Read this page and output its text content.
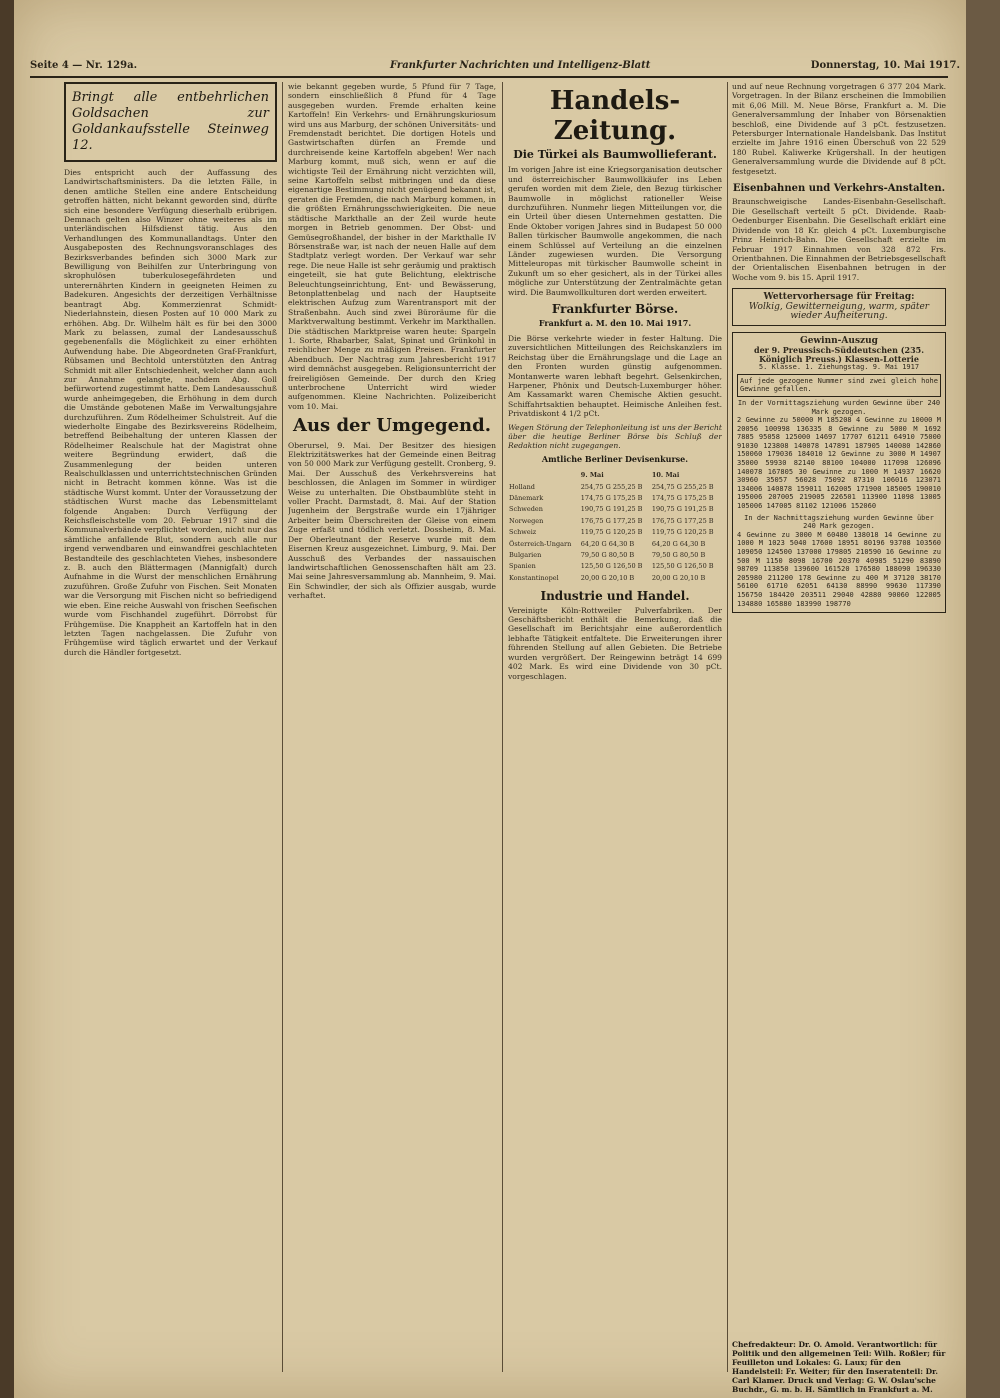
Seite 4 — Nr. 129a.	Frankfurter Nachrichten und Intelligenz-Blatt	Donnerstag, 10. Mai 1917.
Bringt alle entbehrlichen Goldsachen zur Goldankaufsstelle Steinweg 12.
Dies entspricht auch der Auffassung des Landwirtschaftsministers. Da die letzten Fälle, in denen amtliche Stellen eine andere Entscheidung getroffen hätten, nicht bekannt geworden sind, dürfte sich eine besondere Verfügung dieserhalb erübrigen. Demnach gelten also Winzer ohne weiteres als im unterländischen Hilfsdienst tätig. Aus den Verhandlungen des Kommunallandtags. Unter den Ausgabeposten des Rechnungsvoranschlages des Bezirksverbandes befinden sich 3000 Mark zur Bewilligung von Beihilfen zur Unterbringung von skrophulösen tuberkulosegefährdeten und unterernährten Kindern in geeigneten Heimen zu Badekuren. Angesichts der derzeitigen Verhältnisse beantragt Abg. Kommerzienrat Schmidt-Niederlahnstein, diesen Posten auf 10 000 Mark zu erhöhen. Abg. Dr. Wilhelm hält es für bei den 3000 Mark zu belassen, zumal der Landesausschuß gegebenenfalls die Möglichkeit zu einer erhöhten Aufwendung habe. Die Abgeordneten Graf-Frankfurt, Rübsamen und Bechtold unterstützten den Antrag Schmidt mit aller Entschiedenheit, welcher dann auch zur Annahme gelangte, nachdem Abg. Goll befürwortend zugestimmt hatte. Dem Landesausschuß wurde anheimgegeben, die Erhöhung in dem durch die Umstände gebotenen Maße im Verwaltungsjahre durchzuführen. Zum Rödelheimer Schulstreit. Auf die wiederholte Eingabe des Bezirksvereins Rödelheim, betreffend Beibehaltung der unteren Klassen der Rödelheimer Realschule hat der Magistrat ohne weitere Begründung erwidert, daß die Zusammenlegung der beiden unteren Realschulklassen und unterrichtstechnischen Gründen nicht in Betracht kommen könne. Was ist die städtische Wurst kommt. Unter der Voraussetzung der städtischen Wurst mache das Lebensmittelamt folgende Angaben: Durch Verfügung der Reichsfleischstelle vom 20. Februar 1917 sind die Kommunalverbände verpflichtet worden, nicht nur das sämtliche anfallende Blut, sondern auch alle nur irgend verwendbaren und einwandfrei geschlachteten Bestandteile des geschlachteten Viehes, insbesondere z. B. auch den Blättermagen (Mannigfalt) durch Aufnahme in die Wurst der menschlichen Ernährung zuzuführen. Große Zufuhr von Fischen. Seit Monaten war die Versorgung mit Fischen nicht so befriedigend wie eben. Eine reiche Auswahl von frischen Seefischen wurde vom Fischhandel zugeführt. Dörrobst für Frühgemüse. Die Knappheit an Kartoffeln hat in den letzten Tagen nachgelassen. Die Zufuhr von Frühgemüse wird täglich erwartet und der Verkauf durch die Händler fortgesetzt.
wie bekannt gegeben wurde, 5 Pfund für 7 Tage, sondern einschließlich 8 Pfund für 4 Tage ausgegeben wurden. Fremde erhalten keine Kartoffeln! Ein Verkehrs- und Ernährungskuriosum wird uns aus Marburg, der schönen Universitäts- und Fremdenstadt berichtet. Die dortigen Hotels und Gastwirtschaften dürfen an Fremde und durchreisende keine Kartoffeln abgeben! Wer nach Marburg kommt, muß sich, wenn er auf die wichtigste Teil der Ernährung nicht verzichten will, seine Kartoffeln selbst mitbringen und da diese eigenartige Bestimmung nicht genügend bekannt ist, geraten die Fremden, die nach Marburg kommen, in die größten Ernährungsschwierigkeiten. Die neue städtische Markthalle an der Zeil wurde heute morgen in Betrieb genommen. Der Obst- und Gemüsegroßhandel, der bisher in der Markthalle IV Börsenstraße war, ist nach der neuen Halle auf dem Stadtplatz verlegt worden. Der Verkauf war sehr rege. Die neue Halle ist sehr geräumig und praktisch eingeteilt, sie hat gute Belichtung, elektrische Beleuchtungseinrichtung, Ent- und Bewässerung, Betonplattenbelag und nach der Hauptseite elektrischen Aufzug zum Warentransport mit der Straßenbahn. Auch sind zwei Büroräume für die Marktverwaltung bestimmt. Verkehr im Markthallen. Die städtischen Marktpreise waren heute: Spargeln 1. Sorte, Rhabarber, Salat, Spinat und Grünkohl in reichlicher Menge zu mäßigen Preisen. Frankfurter Abendbuch. Der Nachtrag zum Jahresbericht 1917 wird demnächst ausgegeben. Religionsunterricht der freireligiösen Gemeinde. Der durch den Krieg unterbrochene Unterricht wird wieder aufgenommen. Kleine Nachrichten. Polizeibericht vom 10. Mai.
Aus der Umgegend.
Oberursel, 9. Mai. Der Besitzer des hiesigen Elektrizitätswerkes hat der Gemeinde einen Beitrag von 50 000 Mark zur Verfügung gestellt. Cronberg, 9. Mai. Der Ausschuß des Verkehrsvereins hat beschlossen, die Anlagen im Sommer in würdiger Weise zu unterhalten. Die Obstbaumblüte steht in voller Pracht. Darmstadt, 8. Mai. Auf der Station Jugenheim der Bergstraße wurde ein 17jähriger Arbeiter beim Überschreiten der Gleise von einem Zuge erfaßt und tödlich verletzt. Dossheim, 8. Mai. Der Oberleutnant der Reserve wurde mit dem Eisernen Kreuz ausgezeichnet. Limburg, 9. Mai. Der Ausschuß des Verbandes der nassauischen landwirtschaftlichen Genossenschaften hält am 23. Mai seine Jahresversammlung ab. Mannheim, 9. Mai. Ein Schwindler, der sich als Offizier ausgab, wurde verhaftet.
Handels-Zeitung.
Die Türkei als Baumwollieferant.
Im vorigen Jahre ist eine Kriegsorganisation deutscher und österreichischer Baumwollkäufer ins Leben gerufen worden mit dem Ziele, den Bezug türkischer Baumwolle in möglichst rationeller Weise durchzuführen. Nunmehr liegen Mitteilungen vor, die ein Urteil über diesen Unternehmen gestatten. Die Ende Oktober vorigen Jahres sind in Budapest 50 000 Ballen türkischer Baumwolle angekommen, die nach einem Schlüssel auf Verteilung an die einzelnen Länder zugewiesen wurden. Die Versorgung Mitteleuropas mit türkischer Baumwolle scheint in Zukunft um so eher gesichert, als in der Türkei alles mögliche zur Unterstützung der Zentralmächte getan wird. Die Baumwollkulturen dort werden erweitert.
Frankfurter Börse.
Frankfurt a. M. den 10. Mai 1917.
Die Börse verkehrte wieder in fester Haltung. Die zuversichtlichen Mitteilungen des Reichskanzlers im Reichstag über die Ernährungslage und die Lage an den Fronten wurden günstig aufgenommen. Montanwerte waren lebhaft begehrt. Gelsenkirchen, Harpener, Phönix und Deutsch-Luxemburger höher. Am Kassamarkt waren Chemische Aktien gesucht. Schiffahrtsaktien behauptet. Heimische Anleihen fest. Privatdiskont 4 1/2 pCt.
Wegen Störung der Telephonleitung ist uns der Bericht über die heutige Berliner Börse bis Schluß der Redaktion nicht zugegangen.
Amtliche Berliner Devisenkurse.
	9. Mai	10. Mai
Holland	254,75 G 255,25 B	254,75 G 255,25 B
Dänemark	174,75 G 175,25 B	174,75 G 175,25 B
Schweden	190,75 G 191,25 B	190,75 G 191,25 B
Norwegen	176,75 G 177,25 B	176,75 G 177,25 B
Schweiz	119,75 G 120,25 B	119,75 G 120,25 B
Österreich-Ungarn	64,20 G 64,30 B	64,20 G 64,30 B
Bulgarien	79,50 G 80,50 B	79,50 G 80,50 B
Spanien	125,50 G 126,50 B	125,50 G 126,50 B
Konstantinopel	20,00 G 20,10 B	20,00 G 20,10 B
Industrie und Handel.
Vereinigte Köln-Rottweiler Pulverfabriken. Der Geschäftsbericht enthält die Bemerkung, daß die Gesellschaft im Berichtsjahr eine außerordentlich lebhafte Tätigkeit entfaltete. Die Erweiterungen ihrer führenden Stellung auf allen Gebieten. Die Betriebe wurden vergrößert. Der Reingewinn beträgt 14 699 402 Mark. Es wird eine Dividende von 30 pCt. vorgeschlagen.
und auf neue Rechnung vorgetragen 6 377 204 Mark. Vorgetragen. In der Bilanz erscheinen die Immobilien mit 6,06 Mill. M. Neue Börse, Frankfurt a. M. Die Generalversammlung der Inhaber von Börsenaktien beschloß, eine Dividende auf 3 pCt. festzusetzen. Petersburger Internationale Handelsbank. Das Institut erzielte im Jahre 1916 einen Überschuß von 22 529 180 Rubel. Kaliwerke Krügershall. In der heutigen Generalversammlung wurde die Dividende auf 8 pCt. festgesetzt.
Eisenbahnen und Verkehrs-Anstalten.
Braunschweigische Landes-Eisenbahn-Gesellschaft. Die Gesellschaft verteilt 5 pCt. Dividende. Raab-Oedenburger Eisenbahn. Die Gesellschaft erklärt eine Dividende von 18 Kr. gleich 4 pCt. Luxemburgische Prinz Heinrich-Bahn. Die Gesellschaft erzielte im Februar 1917 Einnahmen von 328 872 Frs. Orientbahnen. Die Einnahmen der Betriebsgesellschaft der Orientalischen Eisenbahnen betrugen in der Woche vom 9. bis 15. April 1917.
Wettervorhersage für Freitag:
Wolkig, Gewitterneigung, warm, später wieder Aufheiterung.
Gewinn-Auszug
der 9. Preussisch-Süddeutschen (235. Königlich Preuss.) Klassen-Lotterie
5. Klasse. 1. Ziehungstag. 9. Mai 1917
Auf jede gezogene Nummer sind zwei gleich hohe Gewinne gefallen.
In der Vormittagsziehung wurden Gewinne über 240 Mark gezogen.
2 Gewinne zu 50000 M 185208 4 Gewinne zu 10000 M 20056 100998 136335 8 Gewinne zu 5000 M 1692 7885 95058 125000 14697 17707 61211 64910 75000 91030 123808 140078 147891 187905 140080 142860 150060 179036 184010 12 Gewinne zu 3000 M 14907 35000 59930 82140 88100 104000 117098 126096 140078 167805 30 Gewinne zu 1000 M 14937 16620 30960 35057 56028 75092 87310 106016 123071 134006 140878 159011 162005 171900 185005 190010 195006 207005 219005 226501 113900 11098 13005 105006 147005 81102 121006 152060
In der Nachmittagsziehung wurden Gewinne über 240 Mark gezogen.
4 Gewinne zu 3000 M 60480 138018 14 Gewinne zu 1000 M 1023 5040 17600 18951 80196 93708 103560 109050 124500 137000 179805 210590 16 Gewinne zu 500 M 1150 8098 16700 20370 40985 51290 83890 98709 113850 139600 161520 176580 188090 196330 205980 211200 178 Gewinne zu 400 M 37120 38170 56100 61710 62051 64130 88990 99630 117390 156750 184420 203511 29040 42880 90060 122005 134880 165880 183990 198770
Chefredakteur: Dr. O. Amold. Verantwortlich: für Politik und den allgemeinen Teil: Wilh. Roßler; für Feuilleton und Lokales: G. Laux; für den Handelsteil: Fr. Weiter; für den Inseratenteil: Dr. Carl Klamer. Druck und Verlag: G. W. Oslau'sche Buchdr., G. m. b. H. Sämtlich in Frankfurt a. M.
